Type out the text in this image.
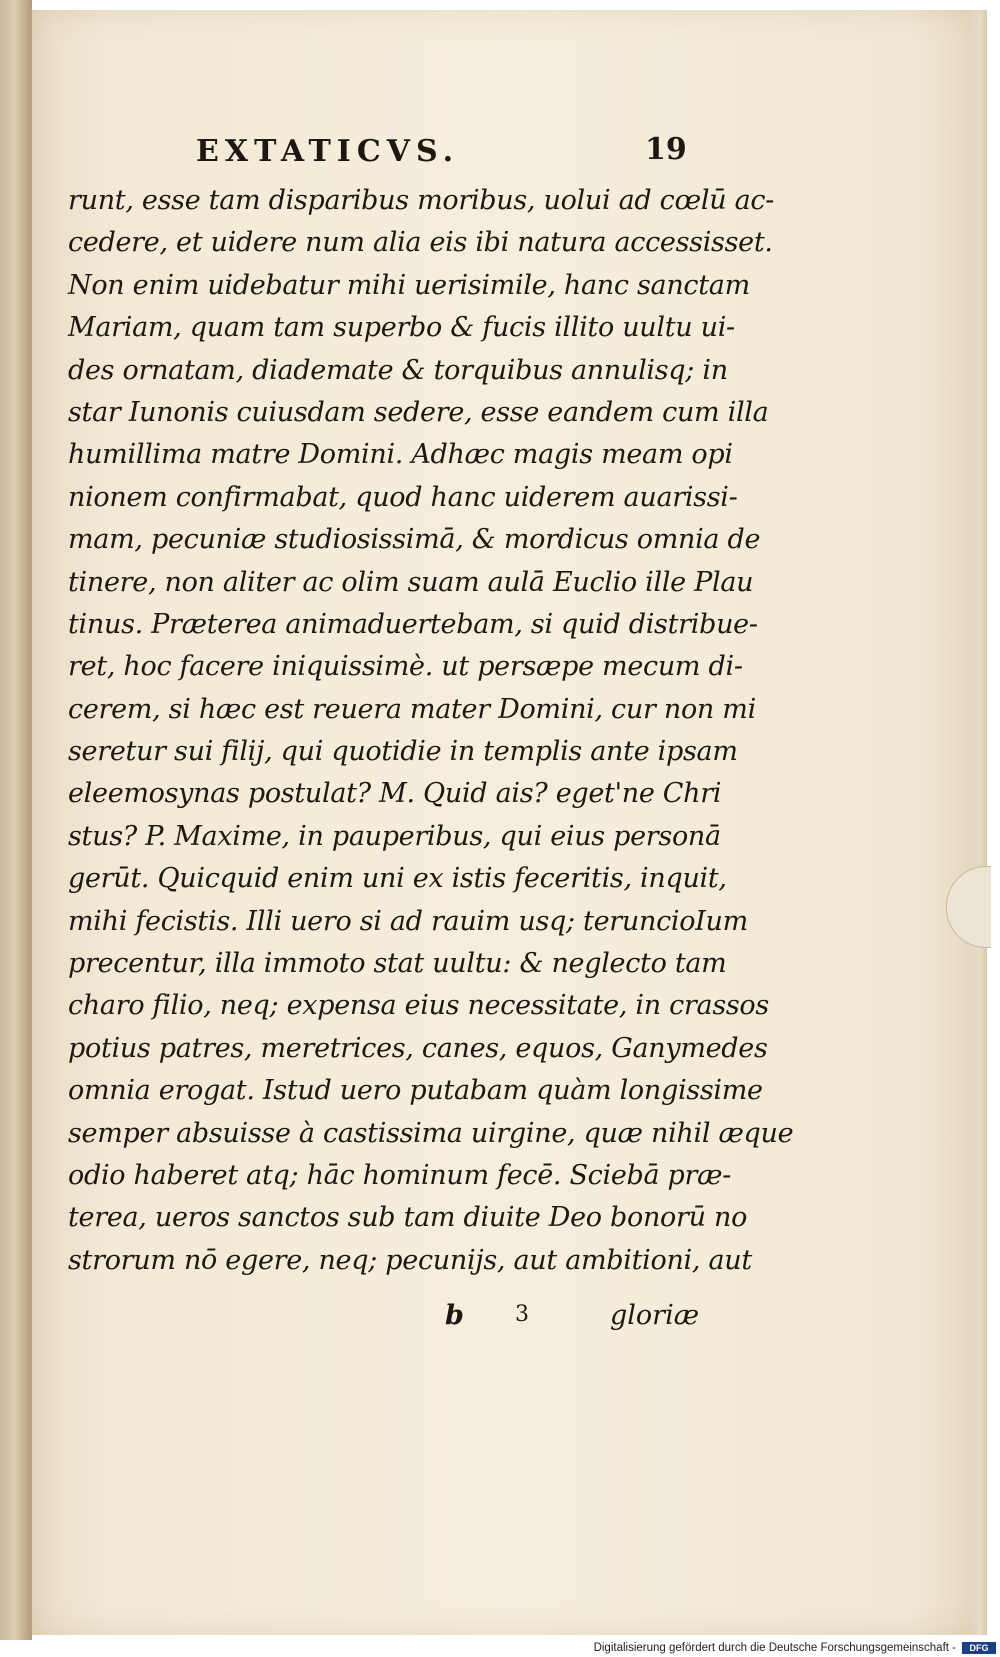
EXTATICVS.	19
runt, esse tam disparibus moribus, uolui ad cœlū ac-
cedere, et uidere num alia eis ibi natura accessisset.
Non enim uidebatur mihi uerisimile, hanc sanctam
Mariam, quam tam superbo & fucis illito uultu ui-
des ornatam, diademate & torquibus annulisq; in
star Iunonis cuiusdam sedere, esse eandem cum illa
humillima matre Domini. Adhæc magis meam opi
nionem confirmabat, quod hanc uiderem auarissi-
mam, pecuniæ studiosissimā, & mordicus omnia de
tinere, non aliter ac olim suam aulā Euclio ille Plau
tinus. Præterea animaduertebam, si quid distribue-
ret, hoc facere iniquissimè. ut persæpe mecum di-
cerem, si hæc est reuera mater Domini, cur non mi
seretur sui filij, qui quotidie in templis ante ipsam
eleemosynas postulat? M. Quid ais? eget'ne Chri
stus? P. Maxime, in pauperibus, qui eius personā
gerūt. Quicquid enim uni ex istis feceritis, inquit,
mihi fecistis. Illi uero si ad rauim usq; teruncioIum
precentur, illa immoto stat uultu: & neglecto tam
charo filio, neq; expensa eius necessitate, in crassos
potius patres, meretrices, canes, equos, Ganymedes
omnia erogat. Istud uero putabam quàm longissime
semper absuisse à castissima uirgine, quæ nihil æque
odio haberet atq; hāc hominum fecē. Sciebā præ-
terea, ueros sanctos sub tam diuite Deo bonorū no
strorum nō egere, neq; pecunijs, aut ambitioni, aut
b 3	gloriæ
Digitalisierung gefördert durch die Deutsche Forschungsgemeinschaft -	DFG
